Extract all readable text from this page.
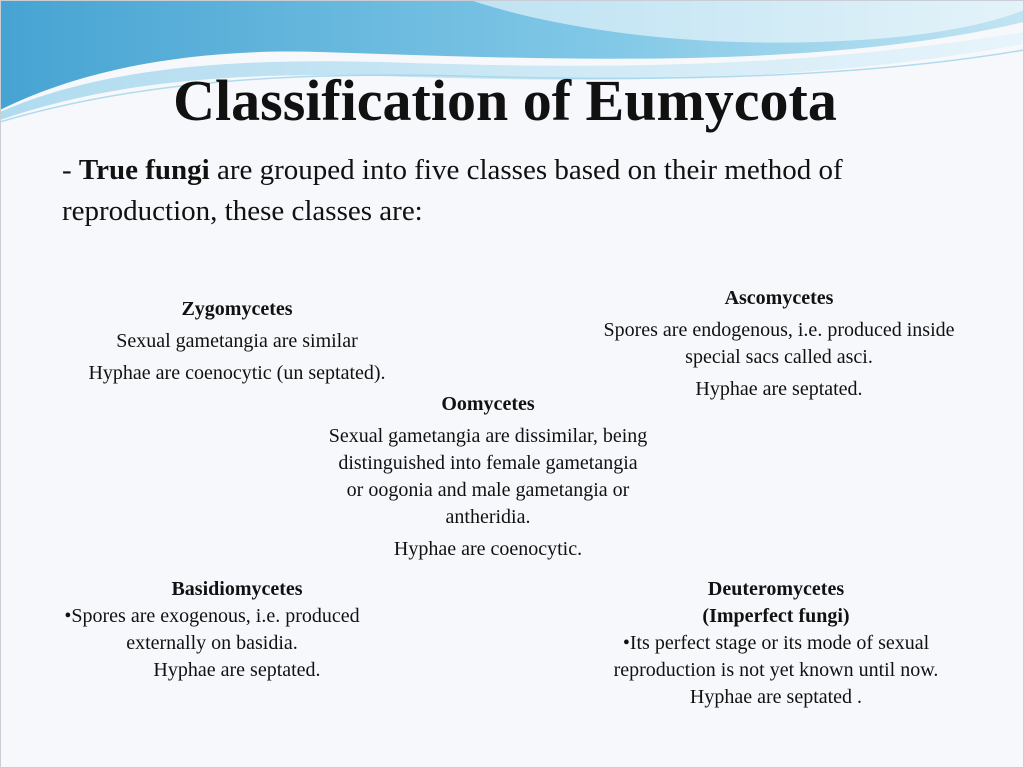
Classification of Eumycota
- True fungi are grouped into five classes based on their method of reproduction, these classes are:

Zygomycetes

Sexual gametangia are similar

Hyphae are coenocytic (un septated).

Ascomycetes

Spores are endogenous, i.e. produced inside special sacs called asci.

Hyphae are septated.

Oomycetes

Sexual gametangia are dissimilar, being distinguished into female gametangia or oogonia and male gametangia or antheridia.

Hyphae are coenocytic.

Basidiomycetes

•Spores are exogenous, i.e. produced externally on basidia.

Hyphae are septated.

Deuteromycetes

(Imperfect fungi)

•Its perfect stage or its mode of sexual reproduction is not yet known until now.

Hyphae are septated .
